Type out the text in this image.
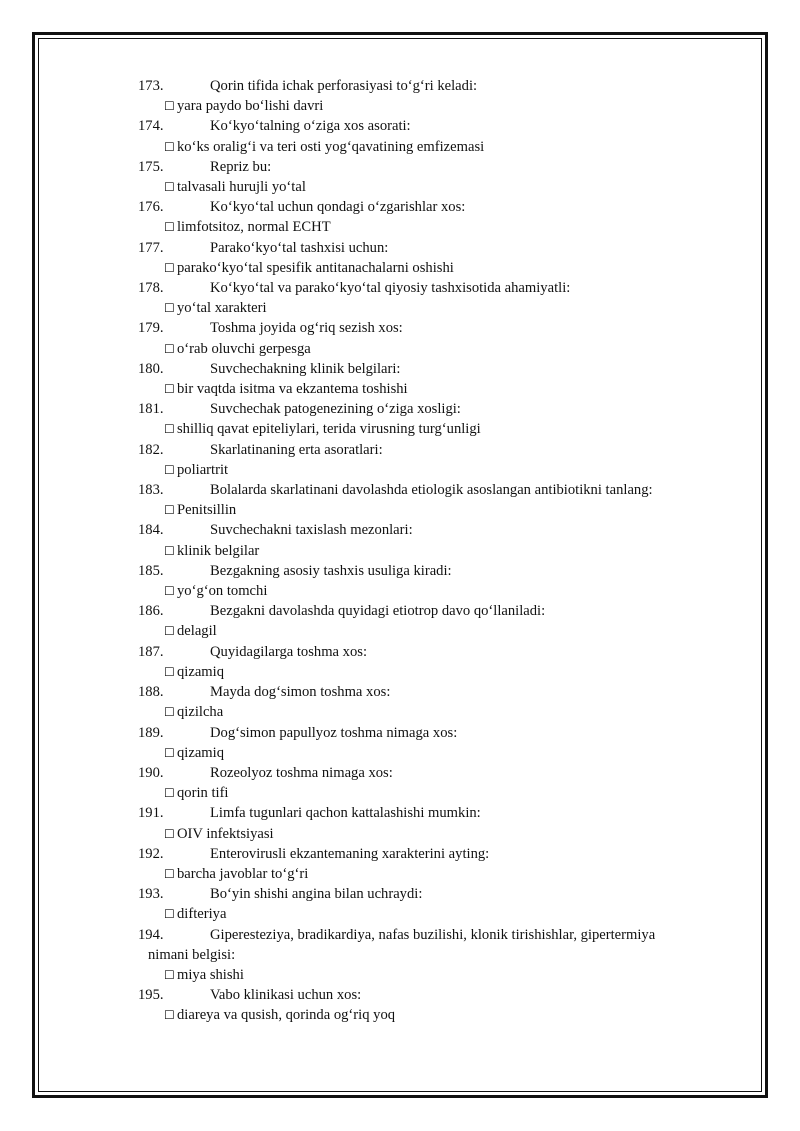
173.	Qorin tifida ichak perforasiyasi to‘g‘ri keladi:
☐ yara paydo bo‘lishi davri
174.	Ko‘kyo‘talning o‘ziga xos asorati:
☐ ko‘ks oralig‘i va teri osti yog‘qavatining emfizemasi
175.	Repriz bu:
☐ talvasali hurujli yo‘tal
176.	Ko‘kyo‘tal uchun qondagi o‘zgarishlar xos:
☐ limfotsitoz, normal ECHT
177.	Parako‘kyo‘tal tashxisi uchun:
☐ parako‘kyo‘tal spesifik antitanachalarni oshishi
178.	Ko‘kyo‘tal va parako‘kyo‘tal qiyosiy tashxisotida ahamiyatli:
☐ yo‘tal xarakteri
179.	Toshma joyida og‘riq sezish xos:
☐ o‘rab oluvchi gerpesga
180.	Suvchechakning klinik belgilari:
☐ bir vaqtda isitma va ekzantema toshishi
181.	Suvchechak patogenezining o‘ziga xosligi:
☐ shilliq qavat epiteliylari, terida virusning turg‘unligi
182.	Skarlatinaning erta asoratlari:
☐ poliartrit
183.	Bolalarda skarlatinani davolashda etiologik asoslangan antibiotikni tanlang:
☐ Penitsillin
184.	Suvchechakni taxislash mezonlari:
☐ klinik belgilar
185.	Bezgakning asosiy tashxis usuliga kiradi:
☐ yo‘g‘on tomchi
186.	Bezgakni davolashda quyidagi etiotrop davo qo‘llaniladi:
☐ delagil
187.	Quyidagilarga toshma xos:
☐ qizamiq
188.	Mayda dog‘simon toshma xos:
☐ qizilcha
189.	Dog‘simon papullyoz toshma nimaga xos:
☐ qizamiq
190.	Rozeolyoz toshma nimaga xos:
☐ qorin tifi
191.	Limfa tugunlari qachon kattalashishi mumkin:
☐ OIV infektsiyasi
192.	Enterovirusli ekzantemaning xarakterini ayting:
☐ barcha javoblar to‘g‘ri
193.	Bo‘yin shishi angina bilan uchraydi:
☐ difteriya
194.	Giperesteziya, bradikardiya, nafas buzilishi, klonik tirishishlar, gipertermiya
nimani belgisi:
☐ miya shishi
195.	Vabo klinikasi uchun xos:
☐ diareya va qusish, qorinda og‘riq yoq
